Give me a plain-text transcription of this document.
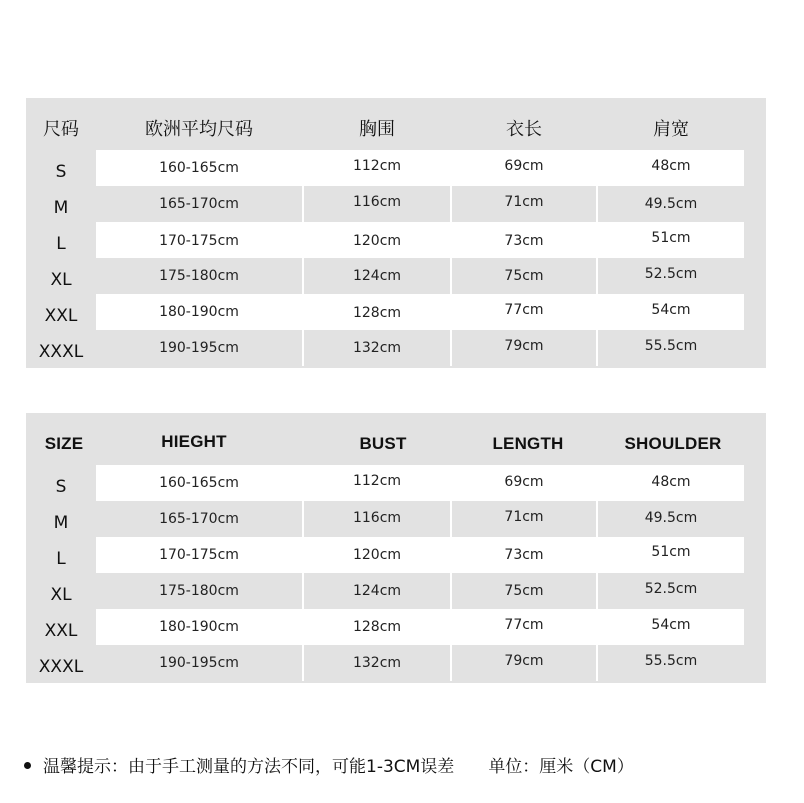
尺码	欧洲平均尺码	胸围	衣长	肩宽
S	160-165cm	112cm	69cm	48cm
M	165-170cm	116cm	71cm	49.5cm
L	170-175cm	120cm	73cm	51cm
XL	175-180cm	124cm	75cm	52.5cm
XXL	180-190cm	128cm	77cm	54cm
XXXL	190-195cm	132cm	79cm	55.5cm
SIZE	HIEGHT	BUST	LENGTH	SHOULDER
S	160-165cm	112cm	69cm	48cm
M	165-170cm	116cm	71cm	49.5cm
L	170-175cm	120cm	73cm	51cm
XL	175-180cm	124cm	75cm	52.5cm
XXL	180-190cm	128cm	77cm	54cm
XXXL	190-195cm	132cm	79cm	55.5cm
温馨提示：由于手工测量的方法不同，可能1-3CM误差 单位：厘米（CM）
